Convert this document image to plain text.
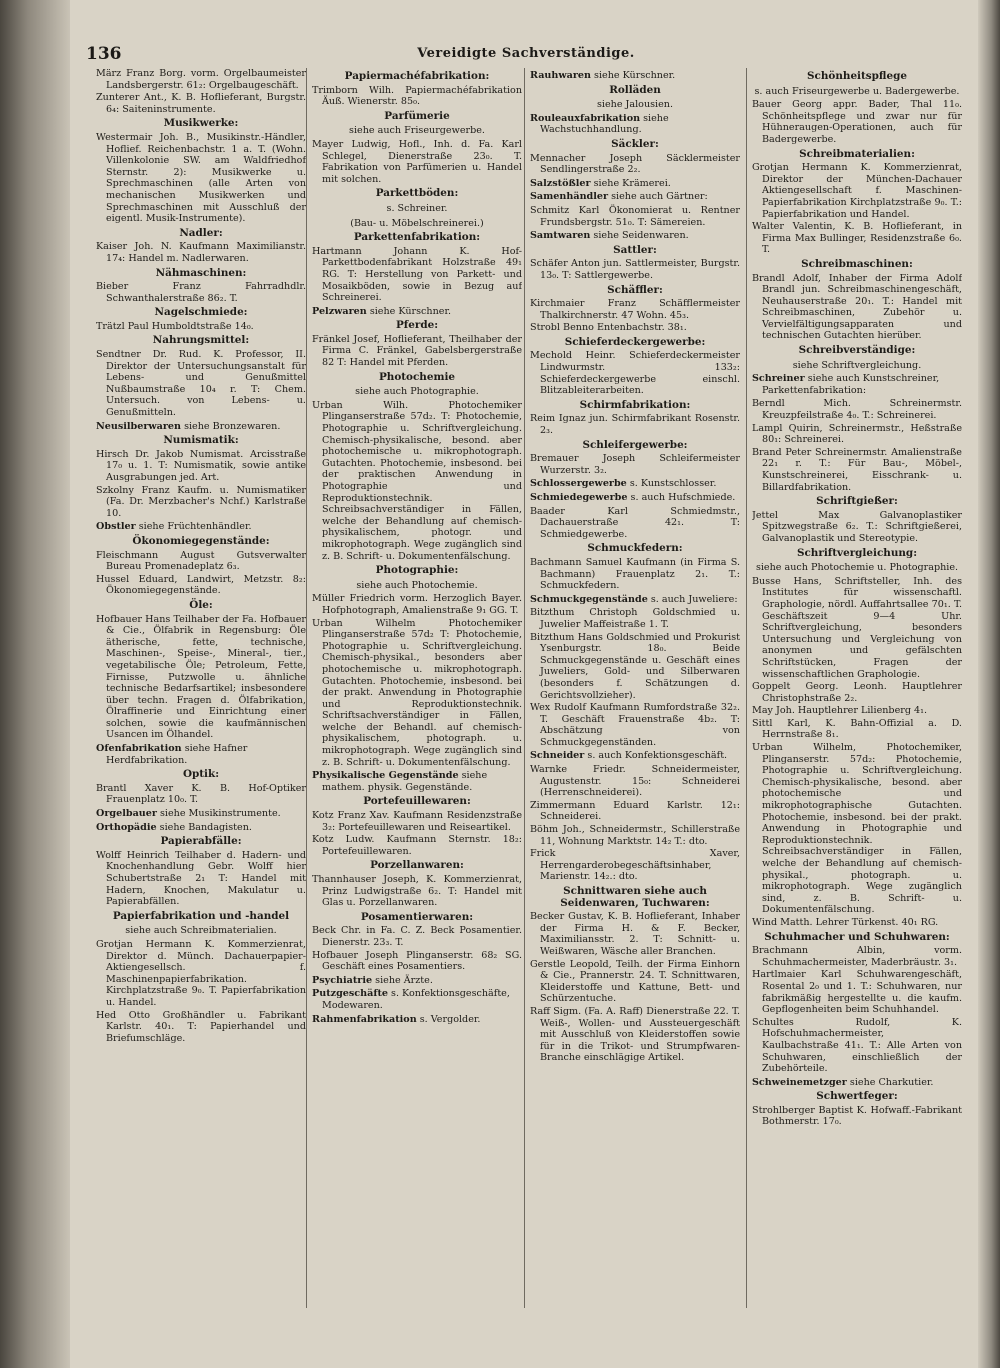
136	Vereidigte Sachverständige.
März Franz Borg. vorm. Orgelbaumeister Landsbergerstr. 61₂: Orgelbaugeschäft.
Zunterer Ant., K. B. Hoflieferant, Burgstr. 6₄: Saiteninstrumente.
Musikwerke:
Westermair Joh. B., Musikinstr.-Händler, Hoflief. Reichenbachstr. 1 a. T. (Wohn. Villenkolonie SW. am Waldfriedhof Sternstr. 2): Musikwerke u. Sprechmaschinen (alle Arten von mechanischen Musikwerken und Sprechmaschinen mit Ausschluß der eigentl. Musik-Instrumente).
Nadler:
Kaiser Joh. N. Kaufmann Maximilianstr. 17₄: Handel m. Nadlerwaren.
Nähmaschinen:
Bieber Franz Fahrradhdlr. Schwanthalerstraße 86₂. T.
Nagelschmiede:
Trätzl Paul Humboldtstraße 14₀.
Nahrungsmittel:
Sendtner Dr. Rud. K. Professor, II. Direktor der Untersuchungsanstalt für Lebens- und Genußmittel Nußbaumstraße 10₄ r. T: Chem. Untersuch. von Lebens- u. Genußmitteln.
Neusilberwaren siehe Bronzewaren.
Numismatik:
Hirsch Dr. Jakob Numismat. Arcisstraße 17₀ u. 1. T: Numismatik, sowie antike Ausgrabungen jed. Art.
Szkolny Franz Kaufm. u. Numismatiker (Fa. Dr. Merzbacher's Nchf.) Karlstraße 10.
Obstler siehe Früchtenhändler.
Ökonomiegegenstände:
Fleischmann August Gutsverwalter Bureau Promenadeplatz 6₃.
Hussel Eduard, Landwirt, Metzstr. 8₂: Ökonomiegegenstände.
Öle:
Hofbauer Hans Teilhaber der Fa. Hofbauer & Cie., Ölfabrik in Regensburg: Öle ätherische, fette, technische, Maschinen-, Speise-, Mineral-, tier., vegetabilische Öle; Petroleum, Fette, Firnisse, Putzwolle u. ähnliche technische Bedarfsartikel; insbesondere über techn. Fragen d. Ölfabrikation, Ölraffinerie und Einrichtung einer solchen, sowie die kaufmännischen Usancen im Ölhandel.
Ofenfabrikation siehe Hafner Herdfabrikation.
Optik:
Brantl Xaver K. B. Hof-Optiker Frauenplatz 10₀. T.
Orgelbauer siehe Musikinstrumente.
Orthopädie siehe Bandagisten.
Papierabfälle:
Wolff Heinrich Teilhaber d. Hadern- und Knochenhandlung Gebr. Wolff hier Schubertstraße 2₁ T: Handel mit Hadern, Knochen, Makulatur u. Papierabfällen.
Papierfabrikation und -handel
siehe auch Schreibmaterialien.
Grotjan Hermann K. Kommerzienrat, Direktor d. Münch. Dachauerpapier-Aktiengesellsch. f. Maschinenpapierfabrikation. Kirchplatzstraße 9₀. T. Papierfabrikation u. Handel.
Hed Otto Großhändler u. Fabrikant Karlstr. 40₁. T: Papierhandel und Briefumschläge.
Papiermachéfabrikation:
Trimborn Wilh. Papiermachéfabrikation Äuß. Wienerstr. 85₀.
Parfümerie
siehe auch Friseurgewerbe.
Mayer Ludwig, Hofl., Inh. d. Fa. Karl Schlegel, Dienerstraße 23₀. T. Fabrikation von Parfümerien u. Handel mit solchen.
Parkettböden:
s. Schreiner.
(Bau- u. Möbelschreinerei.)
Parkettenfabrikation:
Hartmann Johann K. Hof-Parkettbodenfabrikant Holzstraße 49₁ RG. T: Herstellung von Parkett- und Mosaikböden, sowie in Bezug auf Schreinerei.
Pelzwaren siehe Kürschner.
Pferde:
Fränkel Josef, Hoflieferant, Theilhaber der Firma C. Fränkel, Gabelsbergerstraße 82 T: Handel mit Pferden.
Photochemie
siehe auch Photographie.
Urban Wilh. Photochemiker Plinganserstraße 57d₂. T: Photochemie, Photographie u. Schriftvergleichung. Chemisch-physikalische, besond. aber photochemische u. mikrophotograph. Gutachten. Photochemie, insbesond. bei der praktischen Anwendung in Photographie und Reproduktionstechnik. Schreibsachverständiger in Fällen, welche der Behandlung auf chemisch-physikalischem, photogr. und mikrophotograph. Wege zugänglich sind z. B. Schrift- u. Dokumentenfälschung.
Photographie:
siehe auch Photochemie.
Müller Friedrich vorm. Herzoglich Bayer. Hofphotograph, Amalienstraße 9₁ GG. T.
Urban Wilhelm Photochemiker Plinganserstraße 57d₂ T: Photochemie, Photographie u. Schriftvergleichung. Chemisch-physikal., besonders aber photochemische u. mikrophotograph. Gutachten. Photochemie, insbesond. bei der prakt. Anwendung in Photographie und Reproduktionstechnik. Schriftsachverständiger in Fällen, welche der Behandl. auf chemisch-physikalischem, photograph. u. mikrophotograph. Wege zugänglich sind z. B. Schrift- u. Dokumentenfälschung.
Physikalische Gegenstände siehe mathem. physik. Gegenstände.
Portefeuillewaren:
Kotz Franz Xav. Kaufmann Residenzstraße 3₂: Portefeuillewaren und Reiseartikel.
Kotz Ludw. Kaufmann Sternstr. 18₂: Portefeuillewaren.
Porzellanwaren:
Thannhauser Joseph, K. Kommerzienrat, Prinz Ludwigstraße 6₂. T: Handel mit Glas u. Porzellanwaren.
Posamentierwaren:
Beck Chr. in Fa. C. Z. Beck Posamentier. Dienerstr. 23₃. T.
Hofbauer Joseph Plinganserstr. 68₂ SG. Geschäft eines Posamentiers.
Psychiatrie siehe Ärzte.
Putzgeschäfte s. Konfektionsgeschäfte, Modewaren.
Rahmenfabrikation s. Vergolder.
Rauhwaren siehe Kürschner.
Rolläden
siehe Jalousien.
Rouleauxfabrikation siehe Wachstuchhandlung.
Säckler:
Mennacher Joseph Säcklermeister Sendlingerstraße 2₂.
Salzstößler siehe Krämerei.
Samenhändler siehe auch Gärtner:
Schmitz Karl Ökonomierat u. Rentner Frundsbergstr. 51₀. T: Sämereien.
Samtwaren siehe Seidenwaren.
Sattler:
Schäfer Anton jun. Sattlermeister, Burgstr. 13₀. T: Sattlergewerbe.
Schäffler:
Kirchmaier Franz Schäfflermeister Thalkirchnerstr. 47 Wohn. 45₃.
Strobl Benno Entenbachstr. 38₁.
Schieferdeckergewerbe:
Mechold Heinr. Schieferdeckermeister Lindwurmstr. 133₂: Schieferdeckergewerbe einschl. Blitzableiterarbeiten.
Schirmfabrikation:
Reim Ignaz jun. Schirmfabrikant Rosenstr. 2₃.
Schleifergewerbe:
Bremauer Joseph Schleifermeister Wurzerstr. 3₂.
Schlossergewerbe s. Kunstschlosser.
Schmiedegewerbe s. auch Hufschmiede.
Baader Karl Schmiedmstr., Dachauerstraße 42₁. T: Schmiedgewerbe.
Schmuckfedern:
Bachmann Samuel Kaufmann (in Firma S. Bachmann) Frauenplatz 2₁. T.: Schmuckfedern.
Schmuckgegenstände s. auch Juweliere:
Bitzthum Christoph Goldschmied u. Juwelier Maffeistraße 1. T.
Bitzthum Hans Goldschmied und Prokurist Ysenburgstr. 18₀. Beide Schmuckgegenstände u. Geschäft eines Juweliers, Gold- und Silberwaren (besonders f. Schätzungen d. Gerichtsvollzieher).
Wex Rudolf Kaufmann Rumfordstraße 32₂. T. Geschäft Frauenstraße 4b₂. T: Abschätzung von Schmuckgegenständen.
Schneider s. auch Konfektionsgeschäft.
Warnke Friedr. Schneidermeister, Augustenstr. 15₀: Schneiderei (Herrenschneiderei).
Zimmermann Eduard Karlstr. 12₁: Schneiderei.
Böhm Joh., Schneidermstr., Schillerstraße 11, Wohnung Marktstr. 14₂ T.: dto.
Frick Xaver, Herrengarderobegeschäftsinhaber, Marienstr. 14₂.: dto.
Schnittwaren siehe auch Seidenwaren, Tuchwaren:
Becker Gustav, K. B. Hoflieferant, Inhaber der Firma H. & F. Becker, Maximiliansstr. 2. T: Schnitt- u. Weißwaren, Wäsche aller Branchen.
Gerstle Leopold, Teilh. der Firma Einhorn & Cie., Prannerstr. 24. T. Schnittwaren, Kleiderstoffe und Kattune, Bett- und Schürzentuche.
Raff Sigm. (Fa. A. Raff) Dienerstraße 22. T. Weiß-, Wollen- und Aussteuergeschäft mit Ausschluß von Kleiderstoffen sowie für in die Trikot- und Strumpfwaren-Branche einschlägige Artikel.
Schönheitspflege
s. auch Friseurgewerbe u. Badergewerbe.
Bauer Georg appr. Bader, Thal 11₀. Schönheitspflege und zwar nur für Hühneraugen-Operationen, auch für Badergewerbe.
Schreibmaterialien:
Grotjan Hermann K. Kommerzienrat, Direktor der München-Dachauer Aktiengesellschaft f. Maschinen-Papierfabrikation Kirchplatzstraße 9₀. T.: Papierfabrikation und Handel.
Walter Valentin, K. B. Hoflieferant, in Firma Max Bullinger, Residenzstraße 6₀. T.
Schreibmaschinen:
Brandl Adolf, Inhaber der Firma Adolf Brandl jun. Schreibmaschinengeschäft, Neuhauserstraße 20₁. T.: Handel mit Schreibmaschinen, Zubehör u. Vervielfältigungsapparaten und technischen Gutachten hierüber.
Schreibverständige:
siehe Schriftvergleichung.
Schreiner siehe auch Kunstschreiner, Parkettenfabrikation:
Berndl Mich. Schreinermstr. Kreuzpfeilstraße 4₀. T.: Schreinerei.
Lampl Quirin, Schreinermstr., Heßstraße 80₁: Schreinerei.
Brand Peter Schreinermstr. Amalienstraße 22₁ r. T.: Für Bau-, Möbel-, Kunstschreinerei, Eisschrank- u. Billardfabrikation.
Schriftgießer:
Jettel Max Galvanoplastiker Spitzwegstraße 6₂. T.: Schriftgießerei, Galvanoplastik und Stereotypie.
Schriftvergleichung:
siehe auch Photochemie u. Photographie.
Busse Hans, Schriftsteller, Inh. des Institutes für wissenschaftl. Graphologie, nördl. Auffahrtsallee 70₁. T. Geschäftszeit 9—4 Uhr. Schriftvergleichung, besonders Untersuchung und Vergleichung von anonymen und gefälschten Schriftstücken, Fragen der wissenschaftlichen Graphologie.
Goppelt Georg. Leonh. Hauptlehrer Christophstraße 2₂.
May Joh. Hauptlehrer Lilienberg 4₁.
Sittl Karl, K. Bahn-Offizial a. D. Herrnstraße 8₁.
Urban Wilhelm, Photochemiker, Plinganserstr. 57d₂: Photochemie, Photographie u. Schriftvergleichung. Chemisch-physikalische, besond. aber photochemische und mikrophotographische Gutachten. Photochemie, insbesond. bei der prakt. Anwendung in Photographie und Reproduktionstechnik. Schreibsachverständiger in Fällen, welche der Behandlung auf chemisch-physikal., photograph. u. mikrophotograph. Wege zugänglich sind, z. B. Schrift- u. Dokumentenfälschung.
Wind Matth. Lehrer Türkenst. 40₁ RG.
Schuhmacher und Schuhwaren:
Brachmann Albin, vorm. Schuhmachermeister, Maderbräustr. 3₁.
Hartlmaier Karl Schuhwarengeschäft, Rosental 2₀ und 1. T.: Schuhwaren, nur fabrikmäßig hergestellte u. die kaufm. Gepflogenheiten beim Schuhhandel.
Schultes Rudolf, K. Hofschuhmachermeister, Kaulbachstraße 41₁. T.: Alle Arten von Schuhwaren, einschließlich der Zubehörteile.
Schweinemetzger siehe Charkutier.
Schwertfeger:
Strohlberger Baptist K. Hofwaff.-Fabrikant Bothmerstr. 17₀.
